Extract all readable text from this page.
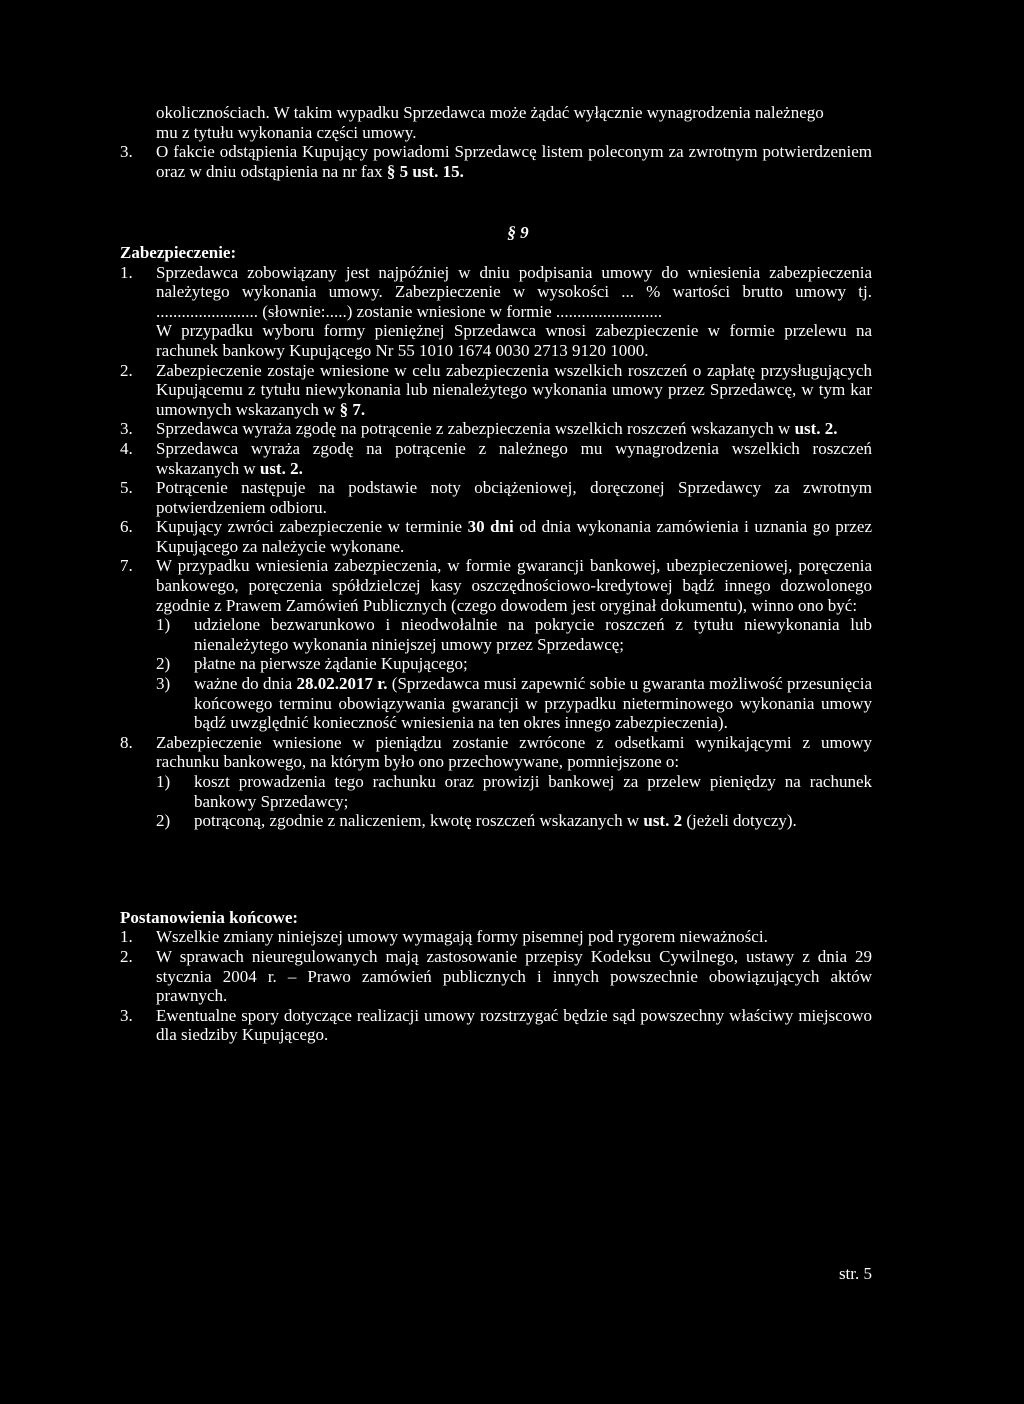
okolicznościach. W takim wypadku Sprzedawca może żądać wyłącznie wynagrodzenia należnego
mu z tytułu wykonania części umowy.
3.	O fakcie odstąpienia Kupujący powiadomi Sprzedawcę listem poleconym za zwrotnym potwierdzeniem oraz w dniu odstąpienia na nr fax § 5 ust. 15.
§ 9
Zabezpieczenie:
1.	Sprzedawca zobowiązany jest najpóźniej w dniu podpisania umowy do wniesienia zabezpieczenia należytego wykonania umowy. Zabezpieczenie w wysokości ... % wartości brutto umowy tj. ........................ (słownie:.....) zostanie wniesione w formie .........................
W przypadku wyboru formy pieniężnej Sprzedawca wnosi zabezpieczenie w formie przelewu na rachunek bankowy Kupującego Nr 55 1010 1674 0030 2713 9120 1000.
2.	Zabezpieczenie zostaje wniesione w celu zabezpieczenia wszelkich roszczeń o zapłatę przysługujących Kupującemu z tytułu niewykonania lub nienależytego wykonania umowy przez Sprzedawcę, w tym kar umownych wskazanych w § 7.
3.	Sprzedawca wyraża zgodę na potrącenie z zabezpieczenia wszelkich roszczeń wskazanych w ust. 2.
4.	Sprzedawca wyraża zgodę na potrącenie z należnego mu wynagrodzenia wszelkich roszczeń wskazanych w ust. 2.
5.	Potrącenie następuje na podstawie noty obciążeniowej, doręczonej Sprzedawcy za zwrotnym potwierdzeniem odbioru.
6.	Kupujący zwróci zabezpieczenie w terminie 30 dni od dnia wykonania zamówienia i uznania go przez Kupującego za należycie wykonane.
7.	W przypadku wniesienia zabezpieczenia, w formie gwarancji bankowej, ubezpieczeniowej, poręczenia bankowego, poręczenia spółdzielczej kasy oszczędnościowo-kredytowej bądź innego dozwolonego zgodnie z Prawem Zamówień Publicznych (czego dowodem jest oryginał dokumentu), winno ono być:
1)	udzielone bezwarunkowo i nieodwołalnie na pokrycie roszczeń z tytułu niewykonania lub nienależytego wykonania niniejszej umowy przez Sprzedawcę;
2)	płatne na pierwsze żądanie Kupującego;
3)	ważne do dnia 28.02.2017 r. (Sprzedawca musi zapewnić sobie u gwaranta możliwość przesunięcia końcowego terminu obowiązywania gwarancji w przypadku nieterminowego wykonania umowy bądź uwzględnić konieczność wniesienia na ten okres innego zabezpieczenia).
8.	Zabezpieczenie wniesione w pieniądzu zostanie zwrócone z odsetkami wynikającymi z umowy rachunku bankowego, na którym było ono przechowywane, pomniejszone o:
1)	koszt prowadzenia tego rachunku oraz prowizji bankowej za przelew pieniędzy na rachunek bankowy Sprzedawcy;
2)	potrąconą, zgodnie z naliczeniem, kwotę roszczeń wskazanych w ust. 2 (jeżeli dotyczy).
Postanowienia końcowe:
1.	Wszelkie zmiany niniejszej umowy wymagają formy pisemnej pod rygorem nieważności.
2.	W sprawach nieuregulowanych mają zastosowanie przepisy Kodeksu Cywilnego, ustawy z dnia 29 stycznia 2004 r. – Prawo zamówień publicznych i innych powszechnie obowiązujących aktów prawnych.
3.	Ewentualne spory dotyczące realizacji umowy rozstrzygać będzie sąd powszechny właściwy miejscowo dla siedziby Kupującego.
str. 5
